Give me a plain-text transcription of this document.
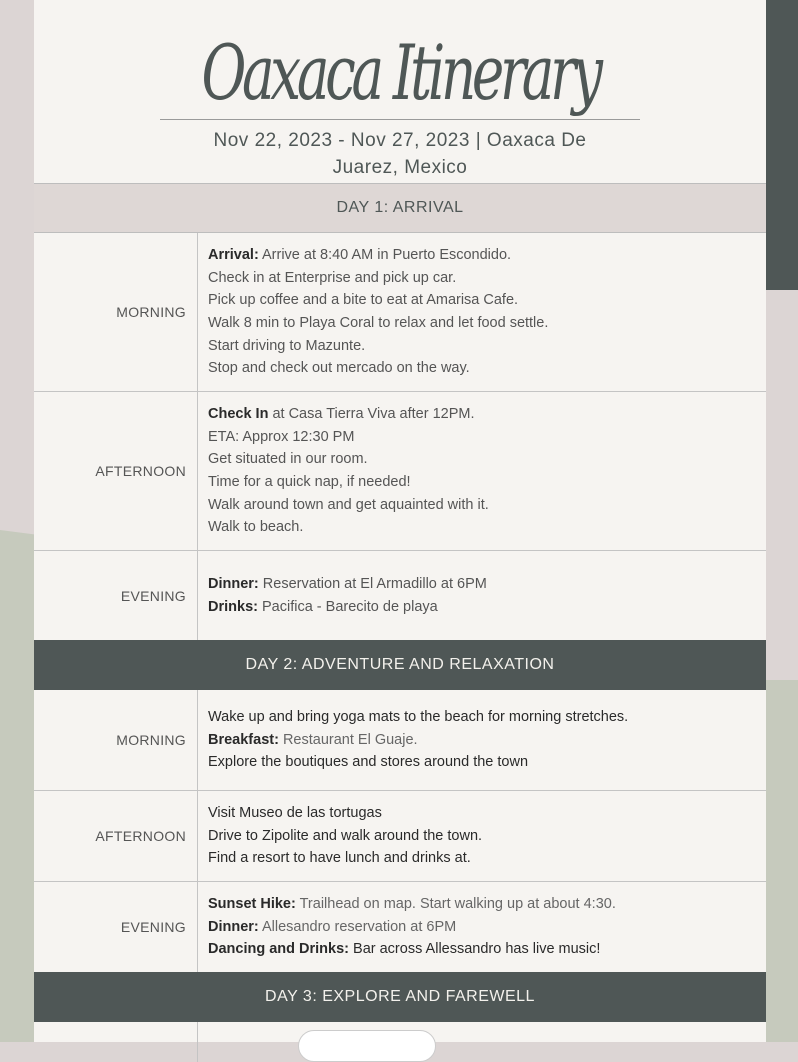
Oaxaca Itinerary
Nov 22, 2023 - Nov 27, 2023 | Oaxaca De Juarez, Mexico
DAY 1: ARRIVAL
MORNING
Arrival: Arrive at 8:40 AM in Puerto Escondido.
Check in at Enterprise and pick up car.
Pick up coffee and a bite to eat at Amarisa Cafe.
Walk 8 min to Playa Coral to relax and let food settle.
Start driving to Mazunte.
Stop and check out mercado on the way.
AFTERNOON
Check In at Casa Tierra Viva after 12PM.
ETA: Approx 12:30 PM
Get situated in our room.
Time for a quick nap, if needed!
Walk around town and get aquainted with it.
Walk to beach.
EVENING
Dinner: Reservation at El Armadillo at 6PM
Drinks: Pacifica - Barecito de playa
DAY 2: ADVENTURE AND RELAXATION
MORNING
Wake up and bring yoga mats to the beach for morning stretches.
Breakfast: Restaurant El Guaje.
Explore the boutiques and stores around the town
AFTERNOON
Visit Museo de las tortugas
Drive to Zipolite and walk around the town.
Find a resort to have lunch and drinks at.
EVENING
Sunset Hike: Trailhead on map. Start walking up at about 4:30.
Dinner: Allesandro reservation at 6PM
Dancing and Drinks: Bar across Allessandro has live music!
DAY 3: EXPLORE AND FAREWELL
